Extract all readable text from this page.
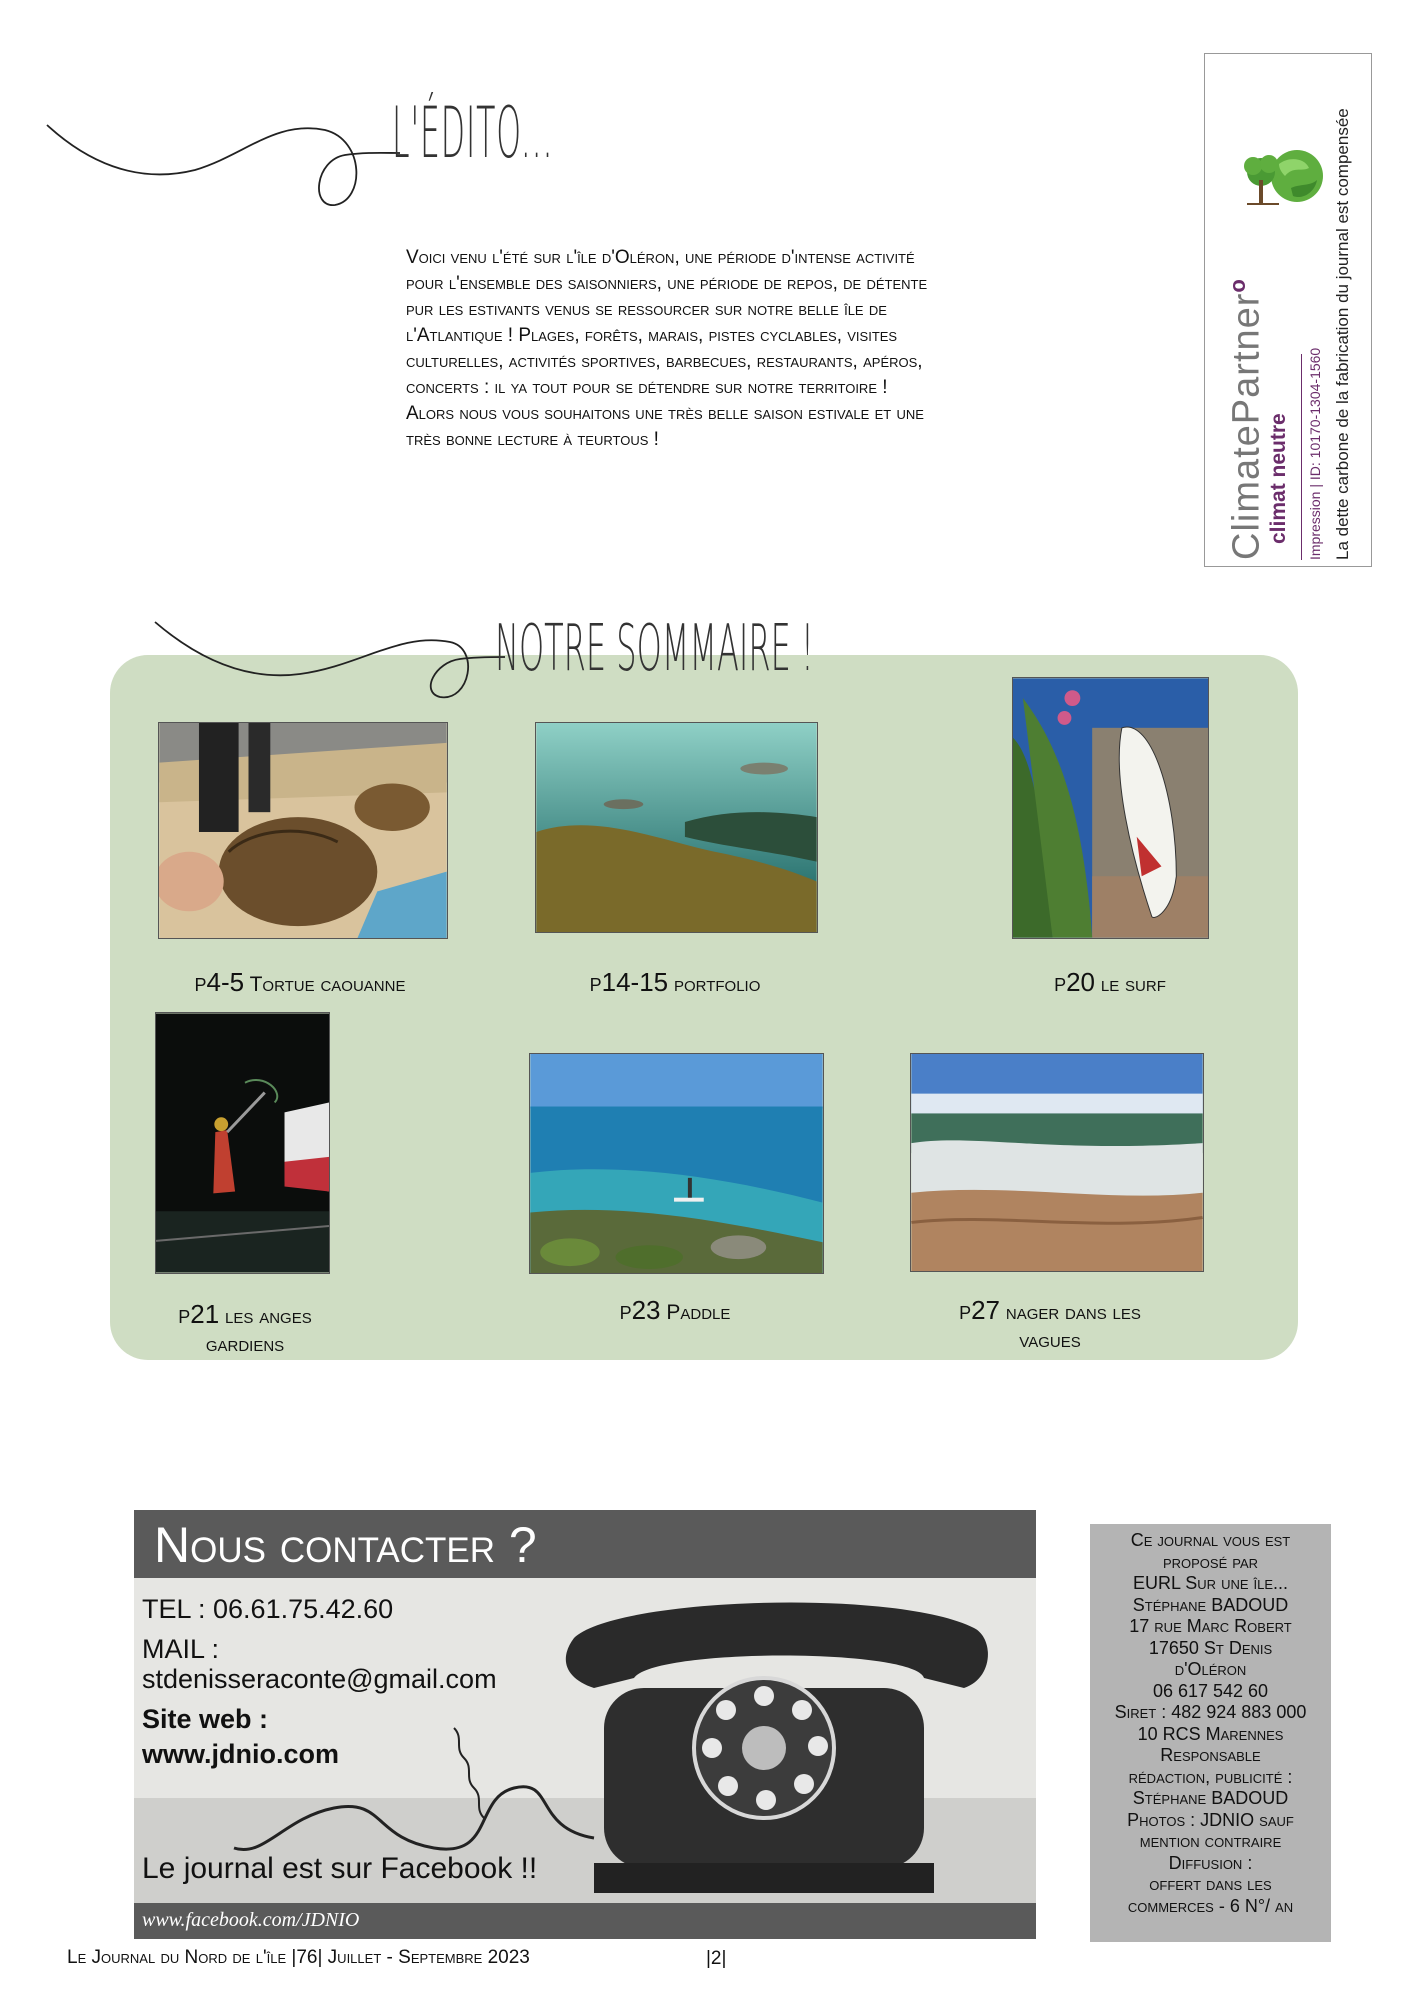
L'ÉDITO...
Voici venu l'été sur l'île d'Oléron, une période d'intense activité
pour l'ensemble des saisonniers, une période de repos, de détente
pur les estivants venus se ressourcer sur notre belle île de
l'Atlantique ! Plages, forêts, marais, pistes cyclables, visites
culturelles, activités sportives, barbecues, restaurants, apéros,
concerts : il ya tout pour se détendre sur notre territoire !
Alors nous vous souhaitons une très belle saison estivale et une
très bonne lecture à teurtous !	ClimatePartner$^o$
climat neutre Impression | ID: 10170-1304-1560 La dette carbone de la fabrication du journal est compensée
NOTRE SOMMAIRE !
p4-5 Tortue caouanne	p14-15 portfolio	p20 le surf
p21 les anges
gardiens
p23 Paddle	p27 nager dans les
vagues
Nous contacter ?
TEL : 06.61.75.42.60
MAIL :
stdenisseraconte@gmail.com
Site web :
www.jdnio.com
Le journal est sur Facebook !!
www.facebook.com/JDNIO
Ce journal vous est
proposé par
EURL Sur une île...
Stéphane BADOUD
17 rue Marc Robert
17650 St Denis
d'Oléron
06 617 542 60
Siret : 482 924 883 000
10 RCS Marennes
Responsable
rédaction, publicité :
Stéphane BADOUD
Photos : JDNIO sauf
mention contraire
Diffusion :
offert dans les
commerces - 6 N°/ an
Le Journal du Nord de l'île |76| Juillet - Septembre 2023	|2|
